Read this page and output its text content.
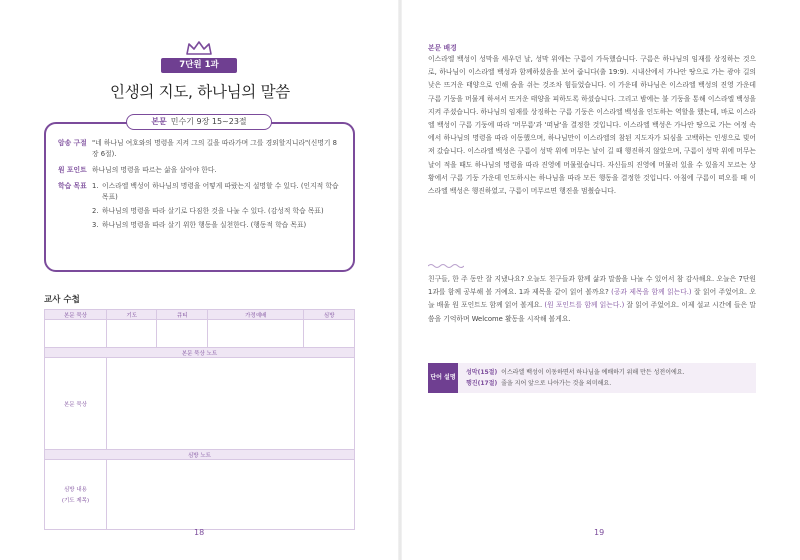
7단원 1과
인생의 지도, 하나님의 말씀
본문 민수기 9장 15~23절
암송 구절 "네 하나님 여호와의 명령을 지켜 그의 길을 따라가며 그를 경외할지니라"(신명기 8장 6절).
원 포인트 하나님의 명령을 따르는 삶을 살아야 한다.
학습 목표 1. 이스라엘 백성이 하나님의 명령을 어떻게 따랐는지 설명할 수 있다. (인지적 학습 목표)
2. 하나님의 명령을 따라 살기로 다짐한 것을 나눌 수 있다. (감성적 학습 목표)
3. 하나님의 명령을 따라 살기 위한 행동을 실천한다. (행동적 학습 목표)
교사 수첩
본문 묵상	기도	큐티	가정예배	심방

본문 묵상 노트				
본문 묵상				
심방 노트				

심방 내용
(기도 제목)				

18
본문 배경

이스라엘 백성이 성막을 세우던 날, 성막 위에는 구름이 가득했습니다. 구름은 하나님의 임재를 상징하는 것으로, 하나님이 이스라엘 백성과 함께하셨음을 보여 줍니다(출 19:9). 시내산에서 가나안 땅으로 가는 광야 길의 낮은 뜨거운 태양으로 인해 숨을 쉬는 것조차 힘들었습니다. 이 가운데 하나님은 이스라엘 백성의 진영 가운데 구름 기둥을 머물게 하셔서 뜨거운 태양을 피하도록 하셨습니다. 그리고 밤에는 불 기둥을 통해 이스라엘 백성을 지켜 주셨습니다. 하나님의 임재를 상징하는 구름 기둥은 이스라엘 백성을 인도하는 역할을 했는데, 바로 이스라엘 백성이 구름 기둥에 따라 '머무름'과 '떠남'을 결정한 것입니다. 이스라엘 백성은 가나안 땅으로 가는 여정 속에서 하나님의 명령을 따라 이동했으며, 하나님만이 이스라엘의 참된 지도자가 되심을 고백하는 인생으로 빚어져 갔습니다. 이스라엘 백성은 구름이 성막 위에 머무는 날이 길 때 행진하지 않았으며, 구름이 성막 위에 머무는 날이 적을 때도 하나님의 명령을 따라 진영에 머물렀습니다. 자신들의 진영에 머물러 있을 수 있을지 모르는 상황에서 구름 기둥 가운데 인도하시는 하나님을 따라 모든 행동을 결정한 것입니다. 아침에 구름이 떠오를 때 이스라엘 백성은 행진하였고, 구름이 머무르면 행진을 멈췄습니다.

친구들, 한 주 동안 잘 지냈나요? 오늘도 친구들과 함께 삶과 말씀을 나눌 수 있어서 참 감사해요. 오늘은 7단원 1과를 함께 공부해 볼 거예요. 1과 제목을 같이 읽어 볼까요? (공과 제목을 함께 읽는다.) 잘 읽어 주었어요. 오늘 배울 원 포인트도 함께 읽어 볼게요. (원 포인트를 함께 읽는다.) 잘 읽어 주었어요. 이제 설교 시간에 들은 말씀을 기억하며 Welcome 활동을 시작해 볼게요.

단어 설명
성막(15절) 이스라엘 백성이 이동하면서 하나님을 예배하기 위해 만든 성전이에요.
행진(17절) 줄을 지어 앞으로 나아가는 것을 의미해요.
19
